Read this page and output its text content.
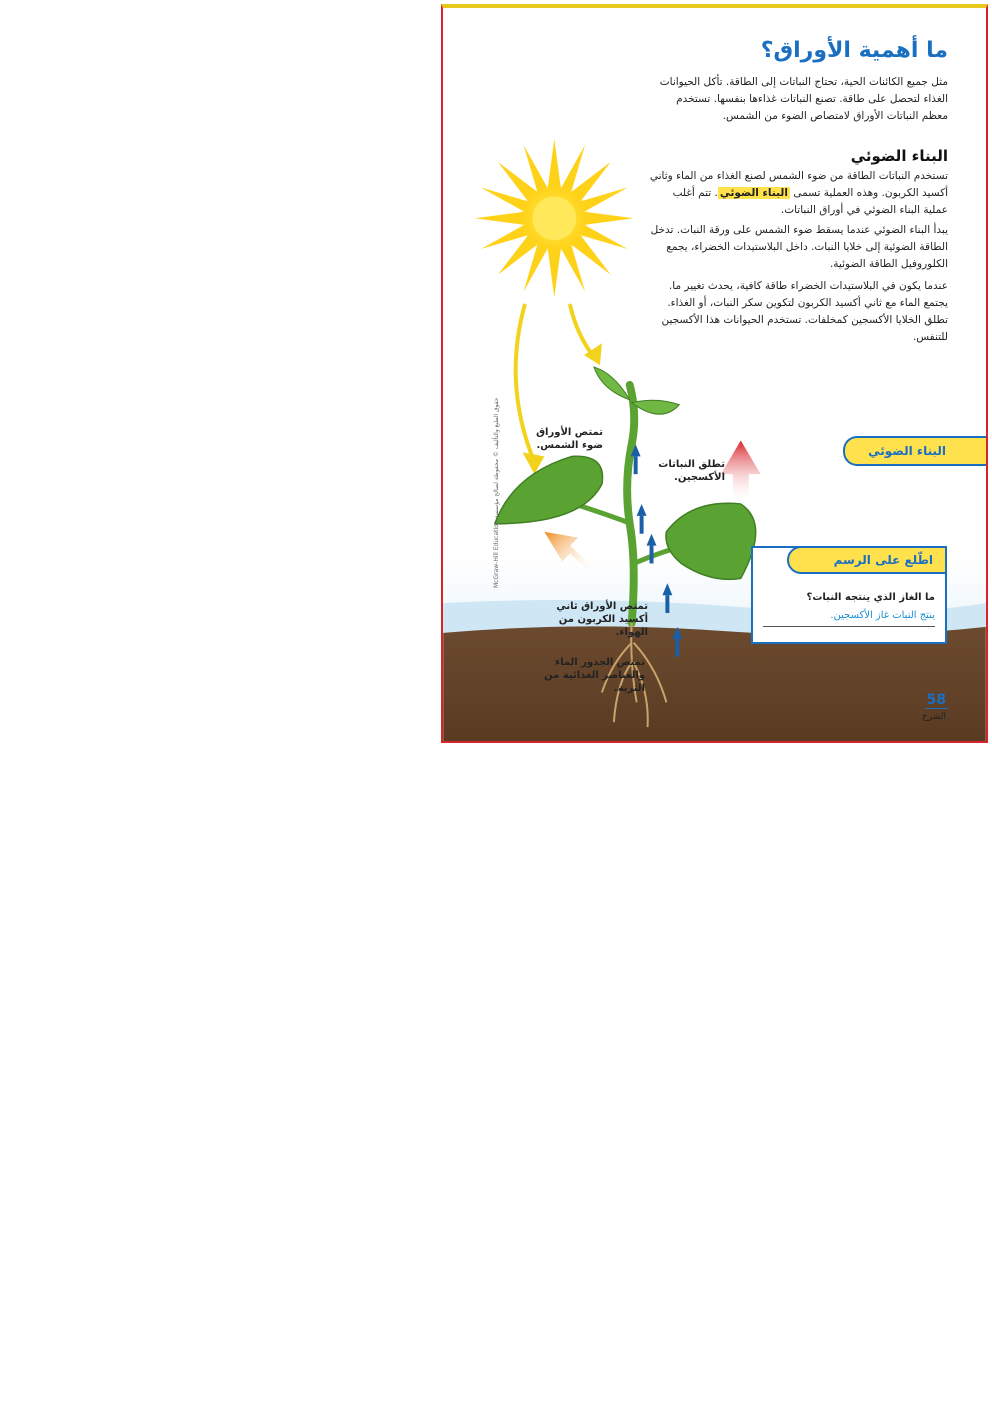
ما أهمية الأوراق؟

مثل جميع الكائنات الحية، تحتاج النباتات إلى الطاقة. تأكل الحيوانات الغذاء لتحصل على طاقة. تصنع النباتات غذاءها بنفسها. تستخدم معظم النباتات الأوراق لامتصاص الضوء من الشمس.

البناء الضوئي

تستخدم النباتات الطاقة من ضوء الشمس لصنع الغذاء من الماء وثاني أكسيد الكربون. وهذه العملية تسمى البناء الضوئي. تتم أغلب عملية البناء الضوئي في أوراق النباتات.

يبدأ البناء الضوئي عندما يسقط ضوء الشمس على ورقة النبات. تدخل الطاقة الضوئية إلى خلايا النبات. داخل البلاستيدات الخضراء، يجمع الكلوروفيل الطاقة الضوئية.

عندما يكون في البلاستيدات الخضراء طاقة كافية، يحدث تغيير ما. يجتمع الماء مع ثاني أكسيد الكربون لتكوين سكر النبات، أو الغذاء. تطلق الخلايا الأكسجين كمخلفات. تستخدم الحيوانات هذا الأكسجين للتنفس.

تمتص الأوراق ضوء الشمس.

تطلق النباتات الأكسجين.

تمتص الأوراق ثاني أكسيد الكربون من الهواء.

تمتص الجذور الماء والعناصر الغذائية من التربة.

البناء الضوئي
اطّلع على الرسم

ما الغاز الذي ينتجه النبات؟

ينتج النبات غاز الأكسجين.

58
الشرح
حقوق الطبع والتأليف © محفوظة لصالح مؤسسة McGraw-Hill Education
